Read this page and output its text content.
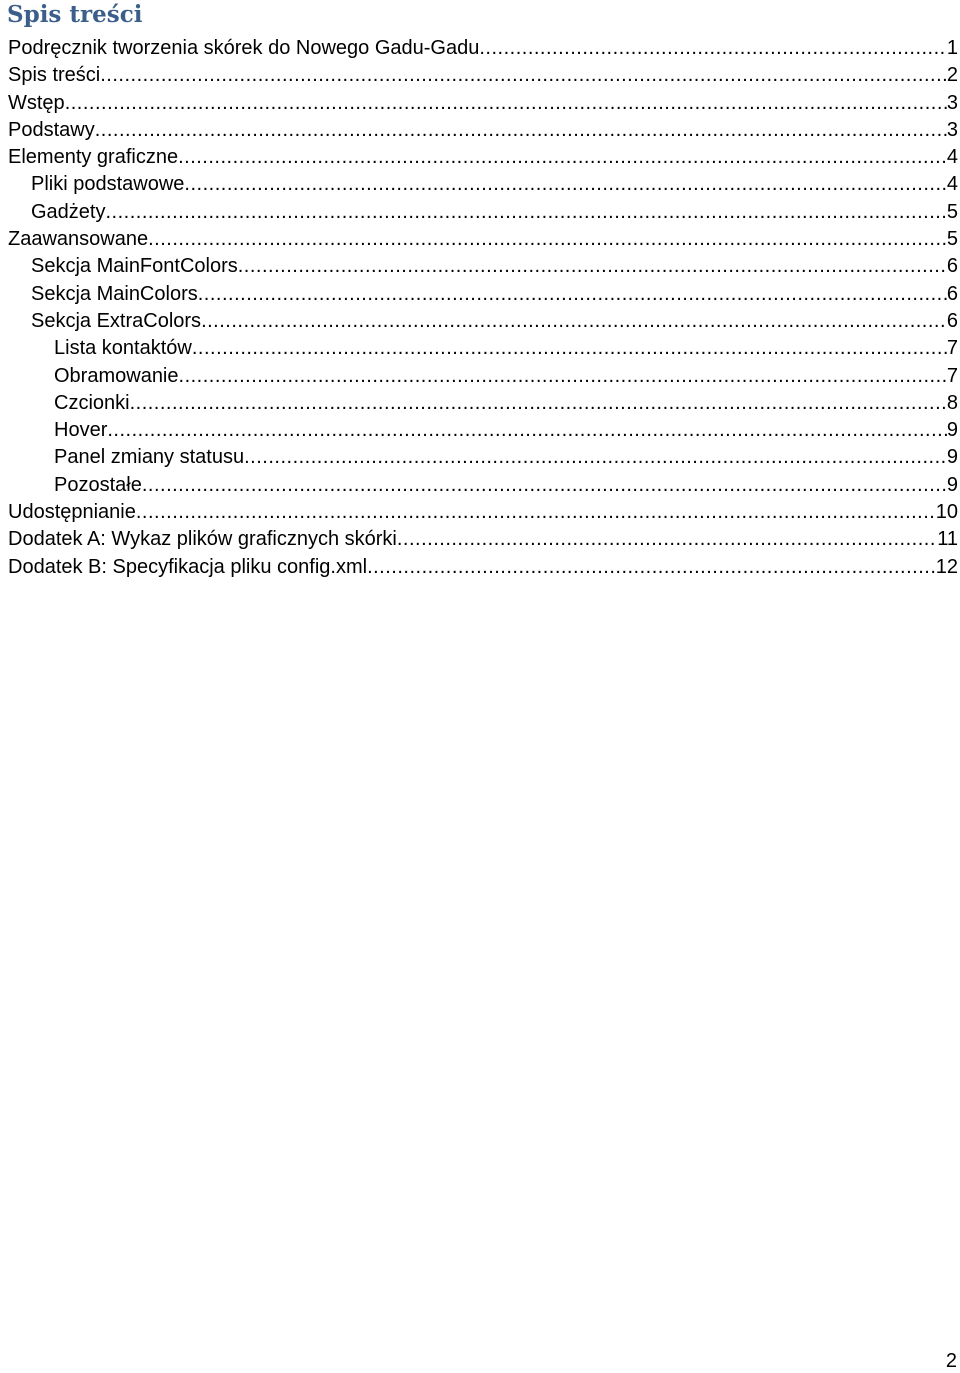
Spis treści
Podręcznik tworzenia skórek do Nowego Gadu-Gadu .....	1
Spis treści .....	2
Wstęp .....	3
Podstawy .....	3
Elementy graficzne .....	4
Pliki podstawowe .....	4
Gadżety .....	5
Zaawansowane .....	5
Sekcja MainFontColors .....	6
Sekcja MainColors .....	6
Sekcja ExtraColors .....	6
Lista kontaktów .....	7
Obramowanie .....	7
Czcionki .....	8
Hover .....	9
Panel zmiany statusu .....	9
Pozostałe .....	9
Udostępnianie .....	10
Dodatek A: Wykaz plików graficznych skórki .....	11
Dodatek B: Specyfikacja pliku config.xml .....	12
2
